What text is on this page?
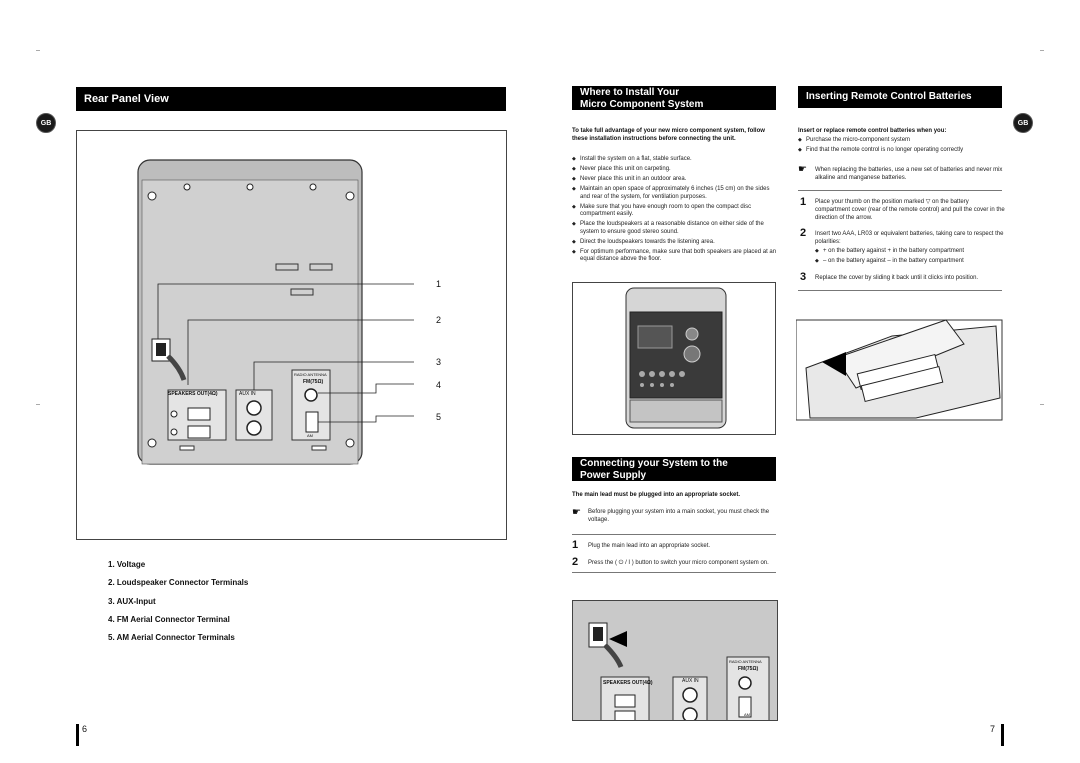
Rear Panel View
GB
SPEAKERS OUT(4Ω)	AUX IN
RADIO ANTENNA
FM(75Ω)
AM
1
2
3
4
5
1. Voltage
2. Loudspeaker Connector Terminals
3. AUX-Input
4. FM Aerial Connector Terminal
5. AM Aerial Connector Terminals
6
Where to Install Your
Micro Component System
To take full advantage of your new micro component system, follow these installation instructions before connecting the unit.
◆ Install the system on a flat, stable surface.
◆ Never place this unit on carpeting.
◆ Never place this unit in an outdoor area.
◆ Maintain an open space of approximately 6 inches (15 cm) on the sides and rear of the system, for ventilation purposes.
◆ Make sure that you have enough room to open the compact disc compartment easily.
◆ Place the loudspeakers at a reasonable distance on either side of the system to ensure good stereo sound.
◆ Direct the loudspeakers towards the listening area.
◆ For optimum performance, make sure that both speakers are placed at an equal distance above the floor.
Connecting your System to the
Power Supply
The main lead must be plugged into an appropriate socket.
☛ Before plugging your system into a main socket, you must check the voltage.
1 Plug the main lead into an appropriate socket.
2 Press the ( ⏻ / I ) button to switch your micro component system on.
SPEAKERS OUT(4Ω)	AUX IN
RADIO ANTENNA
FM(75Ω)
AM
Inserting Remote Control Batteries
GB
Insert or replace remote control batteries when you:
◆ Purchase the micro-component system
◆ Find that the remote control is no longer operating correctly
☛ When replacing the batteries, use a new set of batteries and never mix alkaline and manganese batteries.
1 Place your thumb on the position marked ▽ on the battery compartment cover (rear of the remote control) and pull the cover in the direction of the arrow.
2 Insert two AAA, LR03 or equivalent batteries, taking care to respect the polarities:
◆ + on the battery against + in the battery compartment
◆ – on the battery against – in the battery compartment
3 Replace the cover by sliding it back until it clicks into position.
7
